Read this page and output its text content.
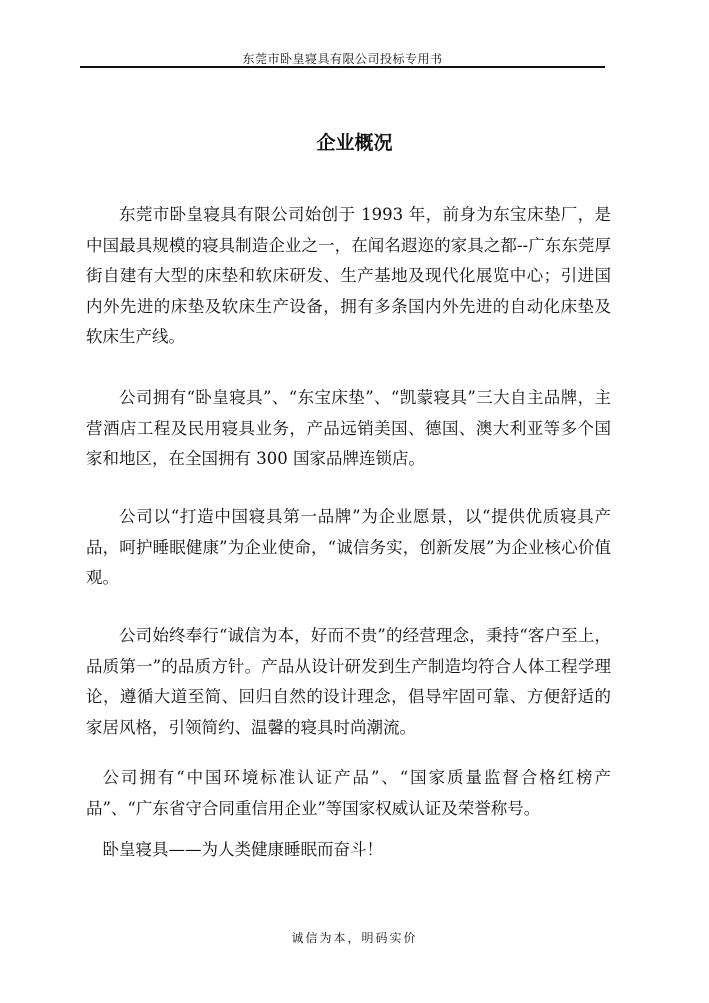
东莞市卧皇寝具有限公司投标专用书
企业概况

东莞市卧皇寝具有限公司始创于 1993 年，前身为东宝床垫厂，是中国最具规模的寝具制造企业之一，在闻名遐迩的家具之都--广东东莞厚街自建有大型的床垫和软床研发、生产基地及现代化展览中心；引进国内外先进的床垫及软床生产设备，拥有多条国内外先进的自动化床垫及软床生产线。

公司拥有“卧皇寝具”、“东宝床垫”、“凯蒙寝具”三大自主品牌，主营酒店工程及民用寝具业务，产品远销美国、德国、澳大利亚等多个国家和地区，在全国拥有 300 国家品牌连锁店。

公司以“打造中国寝具第一品牌”为企业愿景，以“提供优质寝具产品，呵护睡眠健康”为企业使命，“诚信务实，创新发展”为企业核心价值观。

公司始终奉行“诚信为本，好而不贵”的经营理念，秉持“客户至上，品质第一”的品质方针。产品从设计研发到生产制造均符合人体工程学理论，遵循大道至简、回归自然的设计理念，倡导牢固可靠、方便舒适的家居风格，引领简约、温馨的寝具时尚潮流。

公司拥有“中国环境标准认证产品”、“国家质量监督合格红榜产品”、“广东省守合同重信用企业”等国家权威认证及荣誉称号。

卧皇寝具——为人类健康睡眠而奋斗！

诚信为本，明码实价
